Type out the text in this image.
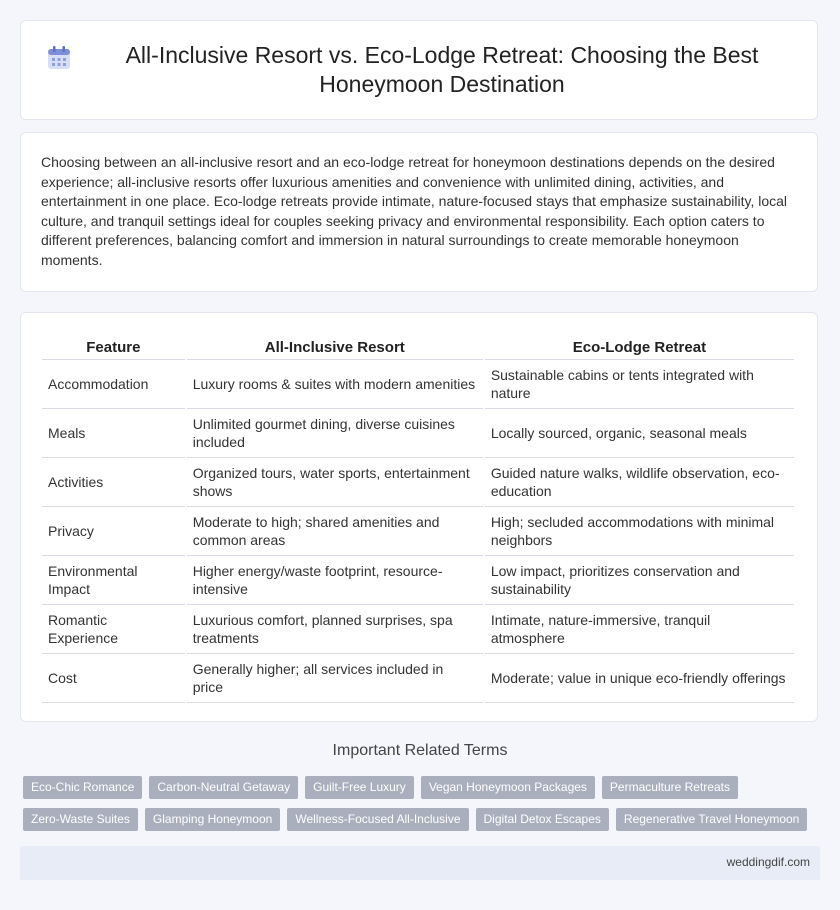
All-Inclusive Resort vs. Eco-Lodge Retreat: Choosing the Best Honeymoon Destination

Choosing between an all-inclusive resort and an eco-lodge retreat for honeymoon destinations depends on the desired experience; all-inclusive resorts offer luxurious amenities and convenience with unlimited dining, activities, and entertainment in one place. Eco-lodge retreats provide intimate, nature-focused stays that emphasize sustainability, local culture, and tranquil settings ideal for couples seeking privacy and environmental responsibility. Each option caters to different preferences, balancing comfort and immersion in natural surroundings to create memorable honeymoon moments.

Feature	All-Inclusive Resort	Eco-Lodge Retreat
Accommodation	Luxury rooms & suites with modern amenities	Sustainable cabins or tents integrated with nature
Meals	Unlimited gourmet dining, diverse cuisines included	Locally sourced, organic, seasonal meals
Activities	Organized tours, water sports, entertainment shows	Guided nature walks, wildlife observation, eco-education
Privacy	Moderate to high; shared amenities and common areas	High; secluded accommodations with minimal neighbors
Environmental Impact	Higher energy/waste footprint, resource-intensive	Low impact, prioritizes conservation and sustainability
Romantic Experience	Luxurious comfort, planned surprises, spa treatments	Intimate, nature-immersive, tranquil atmosphere
Cost	Generally higher; all services included in price	Moderate; value in unique eco-friendly offerings
Important Related Terms
Eco-Chic Romance	Carbon-Neutral Getaway	Guilt-Free Luxury	Vegan Honeymoon Packages	Permaculture Retreats
Zero-Waste Suites	Glamping Honeymoon	Wellness-Focused All-Inclusive	Digital Detox Escapes	Regenerative Travel Honeymoon
weddingdif.com
